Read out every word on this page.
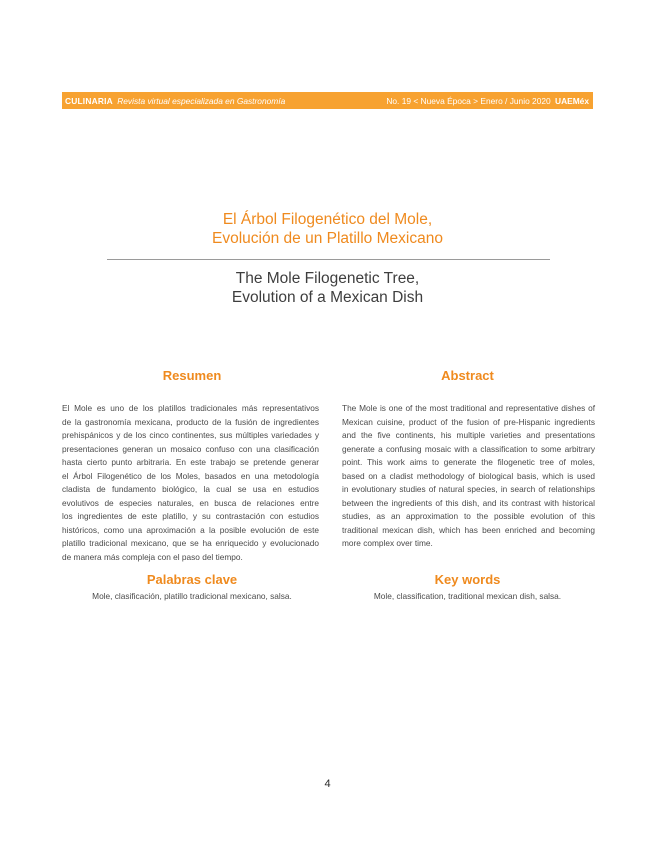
CULINARIA Revista virtual especializada en Gastronomía	No. 19 < Nueva Época > Enero / Junio 2020 UAEMéx
El Árbol Filogenético del Mole,
Evolución de un Platillo Mexicano
The Mole Filogenetic Tree,
Evolution of a Mexican Dish
Resumen	Abstract
El Mole es uno de los platillos tradicionales más representativos
de la gastronomía mexicana, producto de la fusión de ingredientes
prehispánicos y de los cinco continentes, sus múltiples variedades y
presentaciones generan un mosaico confuso con una clasificación
hasta cierto punto arbitraria. En este trabajo se pretende generar
el Árbol Filogenético de los Moles, basados en una metodología
cladista de fundamento biológico, la cual se usa en estudios
evolutivos de especies naturales, en busca de relaciones entre
los ingredientes de este platillo, y su contrastación con estudios
históricos, como una aproximación a la posible evolución de este
platillo tradicional mexicano, que se ha enriquecido y evolucionado
de manera más compleja con el paso del tiempo.
The Mole is one of the most traditional and representative dishes of
Mexican cuisine, product of the fusion of pre-Hispanic ingredients
and the five continents, his multiple varieties and presentations
generate a confusing mosaic with a classification to some arbitrary
point. This work aims to generate the filogenetic tree of moles,
based on a cladist methodology of biological basis, which is used
in evolutionary studies of natural species, in search of relationships
between the ingredients of this dish, and its contrast with historical
studies, as an approximation to the possible evolution of this
traditional mexican dish, which has been enriched and becoming
more complex over time.
Palabras clave
Mole, clasificación, platillo tradicional mexicano, salsa.
Key words
Mole, classification, traditional mexican dish, salsa.
4
